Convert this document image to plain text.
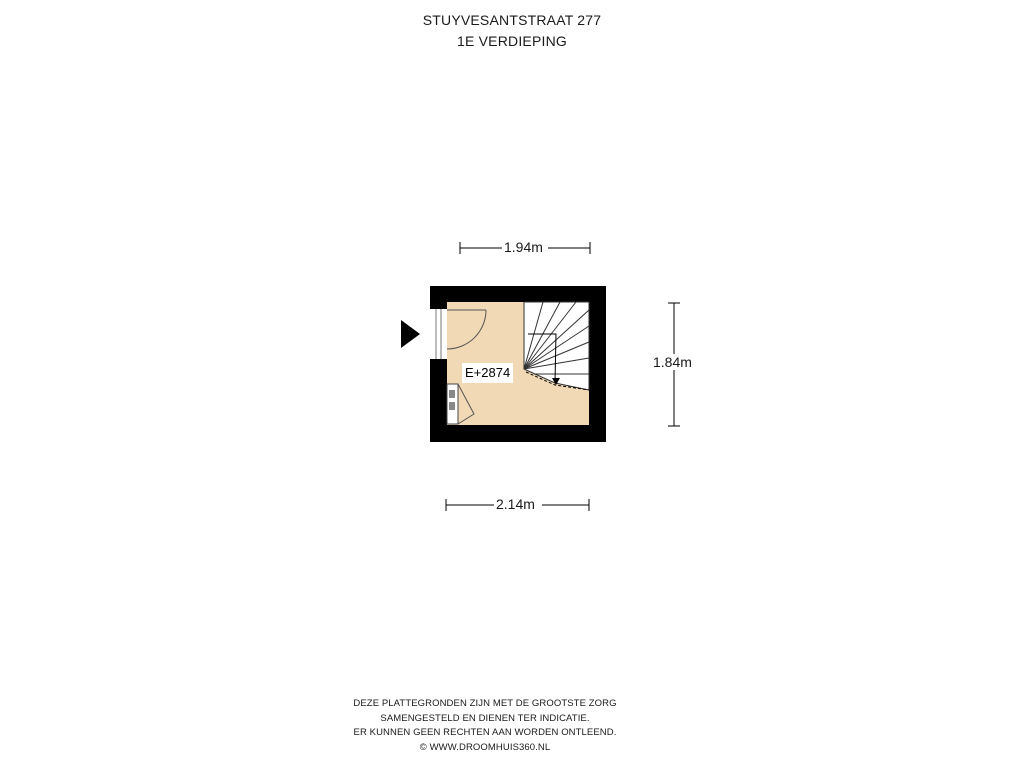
STUYVESANTSTRAAT 277
1E VERDIEPING
1.94m
1.84m
2.14m
E+2874
DEZE PLATTEGRONDEN ZIJN MET DE GROOTSTE ZORG
SAMENGESTELD EN DIENEN TER INDICATIE.
ER KUNNEN GEEN RECHTEN AAN WORDEN ONTLEEND.
© WWW.DROOMHUIS360.NL
